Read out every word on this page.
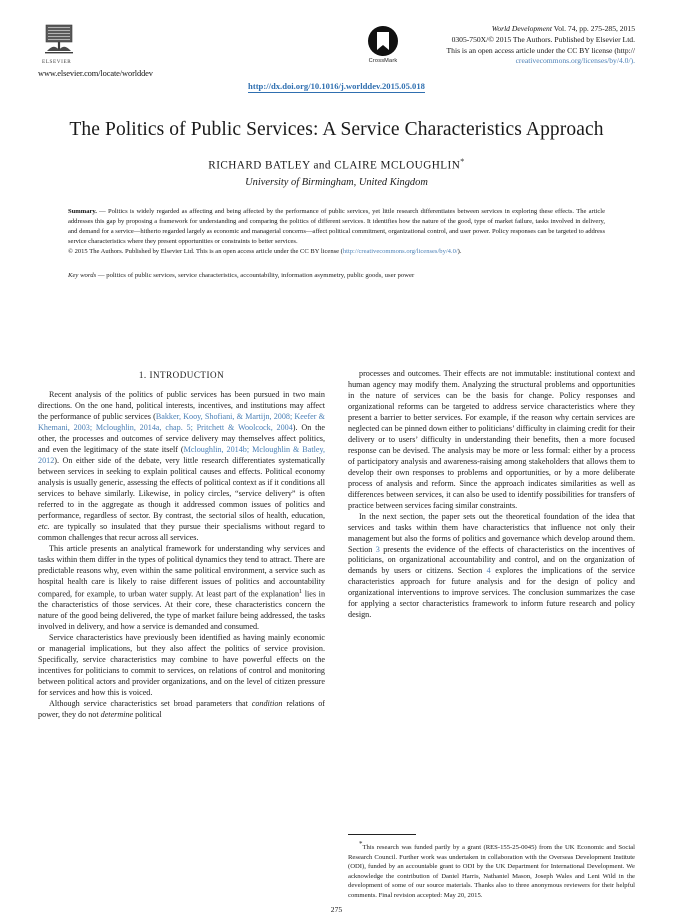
ELSEVIER
www.elsevier.com/locate/worlddev
CrossMark
World Development Vol. 74, pp. 275-285, 2015
0305-750X/© 2015 The Authors. Published by Elsevier Ltd.
This is an open access article under the CC BY license (http://
creativecommons.org/licenses/by/4.0/).
http://dx.doi.org/10.1016/j.worlddev.2015.05.018
The Politics of Public Services: A Service Characteristics Approach
RICHARD BATLEY and CLAIRE MCLOUGHLIN*
University of Birmingham, United Kingdom

Summary. — Politics is widely regarded as affecting and being affected by the performance of public services, yet little research differentiates between services in exploring these effects. The article addresses this gap by proposing a framework for understanding and comparing the politics of different services. It identifies how the nature of the good, type of market failure, tasks involved in delivery, and demand for a service—hitherto regarded largely as economic and managerial concerns—affect political commitment, organizational control, and user power. Policy responses can be targeted to address service characteristics where they present opportunities or constraints to better services.

© 2015 The Authors. Published by Elsevier Ltd. This is an open access article under the CC BY license (http://creativecommons.org/licenses/by/4.0/).

Key words — politics of public services, service characteristics, accountability, information asymmetry, public goods, user power
1. INTRODUCTION

Recent analysis of the politics of public services has been pursued in two main directions. On the one hand, political interests, incentives, and institutions may affect the performance of public services (Bakker, Kooy, Shofiani, & Martijn, 2008; Keefer & Khemani, 2003; Mcloughlin, 2014a, chap. 5; Pritchett & Woolcock, 2004). On the other, the processes and outcomes of service delivery may themselves affect politics, and even the legitimacy of the state itself (Mcloughlin, 2014b; Mcloughlin & Batley, 2012). On either side of the debate, very little research differentiates systematically between services in seeking to explain political causes and effects. Political economy analysis is usually generic, assessing the effects of political context as if it conditions all services to behave similarly. Likewise, in policy circles, “service delivery” is often referred to in the aggregate as though it addressed common issues of politics and performance, regardless of sector. By contrast, the sectorial silos of health, education, etc. are typically so insulated that they pursue their specialisms without regard to common challenges that recur across all services.

This article presents an analytical framework for understanding why services and tasks within them differ in the types of political dynamics they tend to attract. There are predictable reasons why, even within the same political environment, a service such as hospital health care is likely to raise different issues of politics and accountability compared, for example, to urban water supply. At least part of the explanation$^1$ lies in the characteristics of those services. At their core, these characteristics concern the nature of the good being delivered, the type of market failure being addressed, the tasks involved in delivery, and how a service is demanded and consumed.

Service characteristics have previously been identified as having mainly economic or managerial implications, but they also affect the politics of service provision. Specifically, service characteristics may combine to have powerful effects on the incentives for politicians to commit to services, on relations of control and monitoring between political actors and provider organizations, and on the level of citizen pressure for services and how this is voiced.

Although service characteristics set broad parameters that condition relations of power, they do not determine political

processes and outcomes. Their effects are not immutable: institutional context and human agency may modify them. Analyzing the structural problems and opportunities in the nature of services can be the basis for change. Policy responses and organizational reforms can be targeted to address service characteristics where they present a barrier to better services. For example, if the reason why certain services are neglected can be pinned down either to politicians’ difficulty in claiming credit for their delivery or to users’ difficulty in understanding their benefits, then a more focused response can be devised. The analysis may be more or less formal: either by a process of participatory analysis and awareness-raising among stakeholders that allows them to develop their own responses to problems and opportunities, or by a more deliberate process of analysis and reform. Since the approach indicates similarities as well as differences between services, it can also be used to identify possibilities for transfers of practice between services facing similar constraints.

In the next section, the paper sets out the theoretical foundation of the idea that services and tasks within them have characteristics that influence not only their management but also the forms of politics and governance which develop around them. Section 3 presents the evidence of the effects of characteristics on the incentives of politicians, on organizational accountability and control, and on the organization of demands by users or citizens. Section 4 explores the implications of the service characteristics approach for future analysis and for the design of policy and organizational interventions to improve services. The conclusion summarizes the case for applying a sector characteristics framework to inform future research and policy design.

*This research was funded partly by a grant (RES-155-25-0045) from the UK Economic and Social Research Council. Further work was undertaken in collaboration with the Overseas Development Institute (ODI), funded by an accountable grant to ODI by the UK Department for International Development. We acknowledge the contribution of Daniel Harris, Nathaniel Mason, Joseph Wales and Leni Wild in the development of some of our source materials. Thanks also to three anonymous reviewers for their helpful comments. Final revision accepted: May 20, 2015.

275
